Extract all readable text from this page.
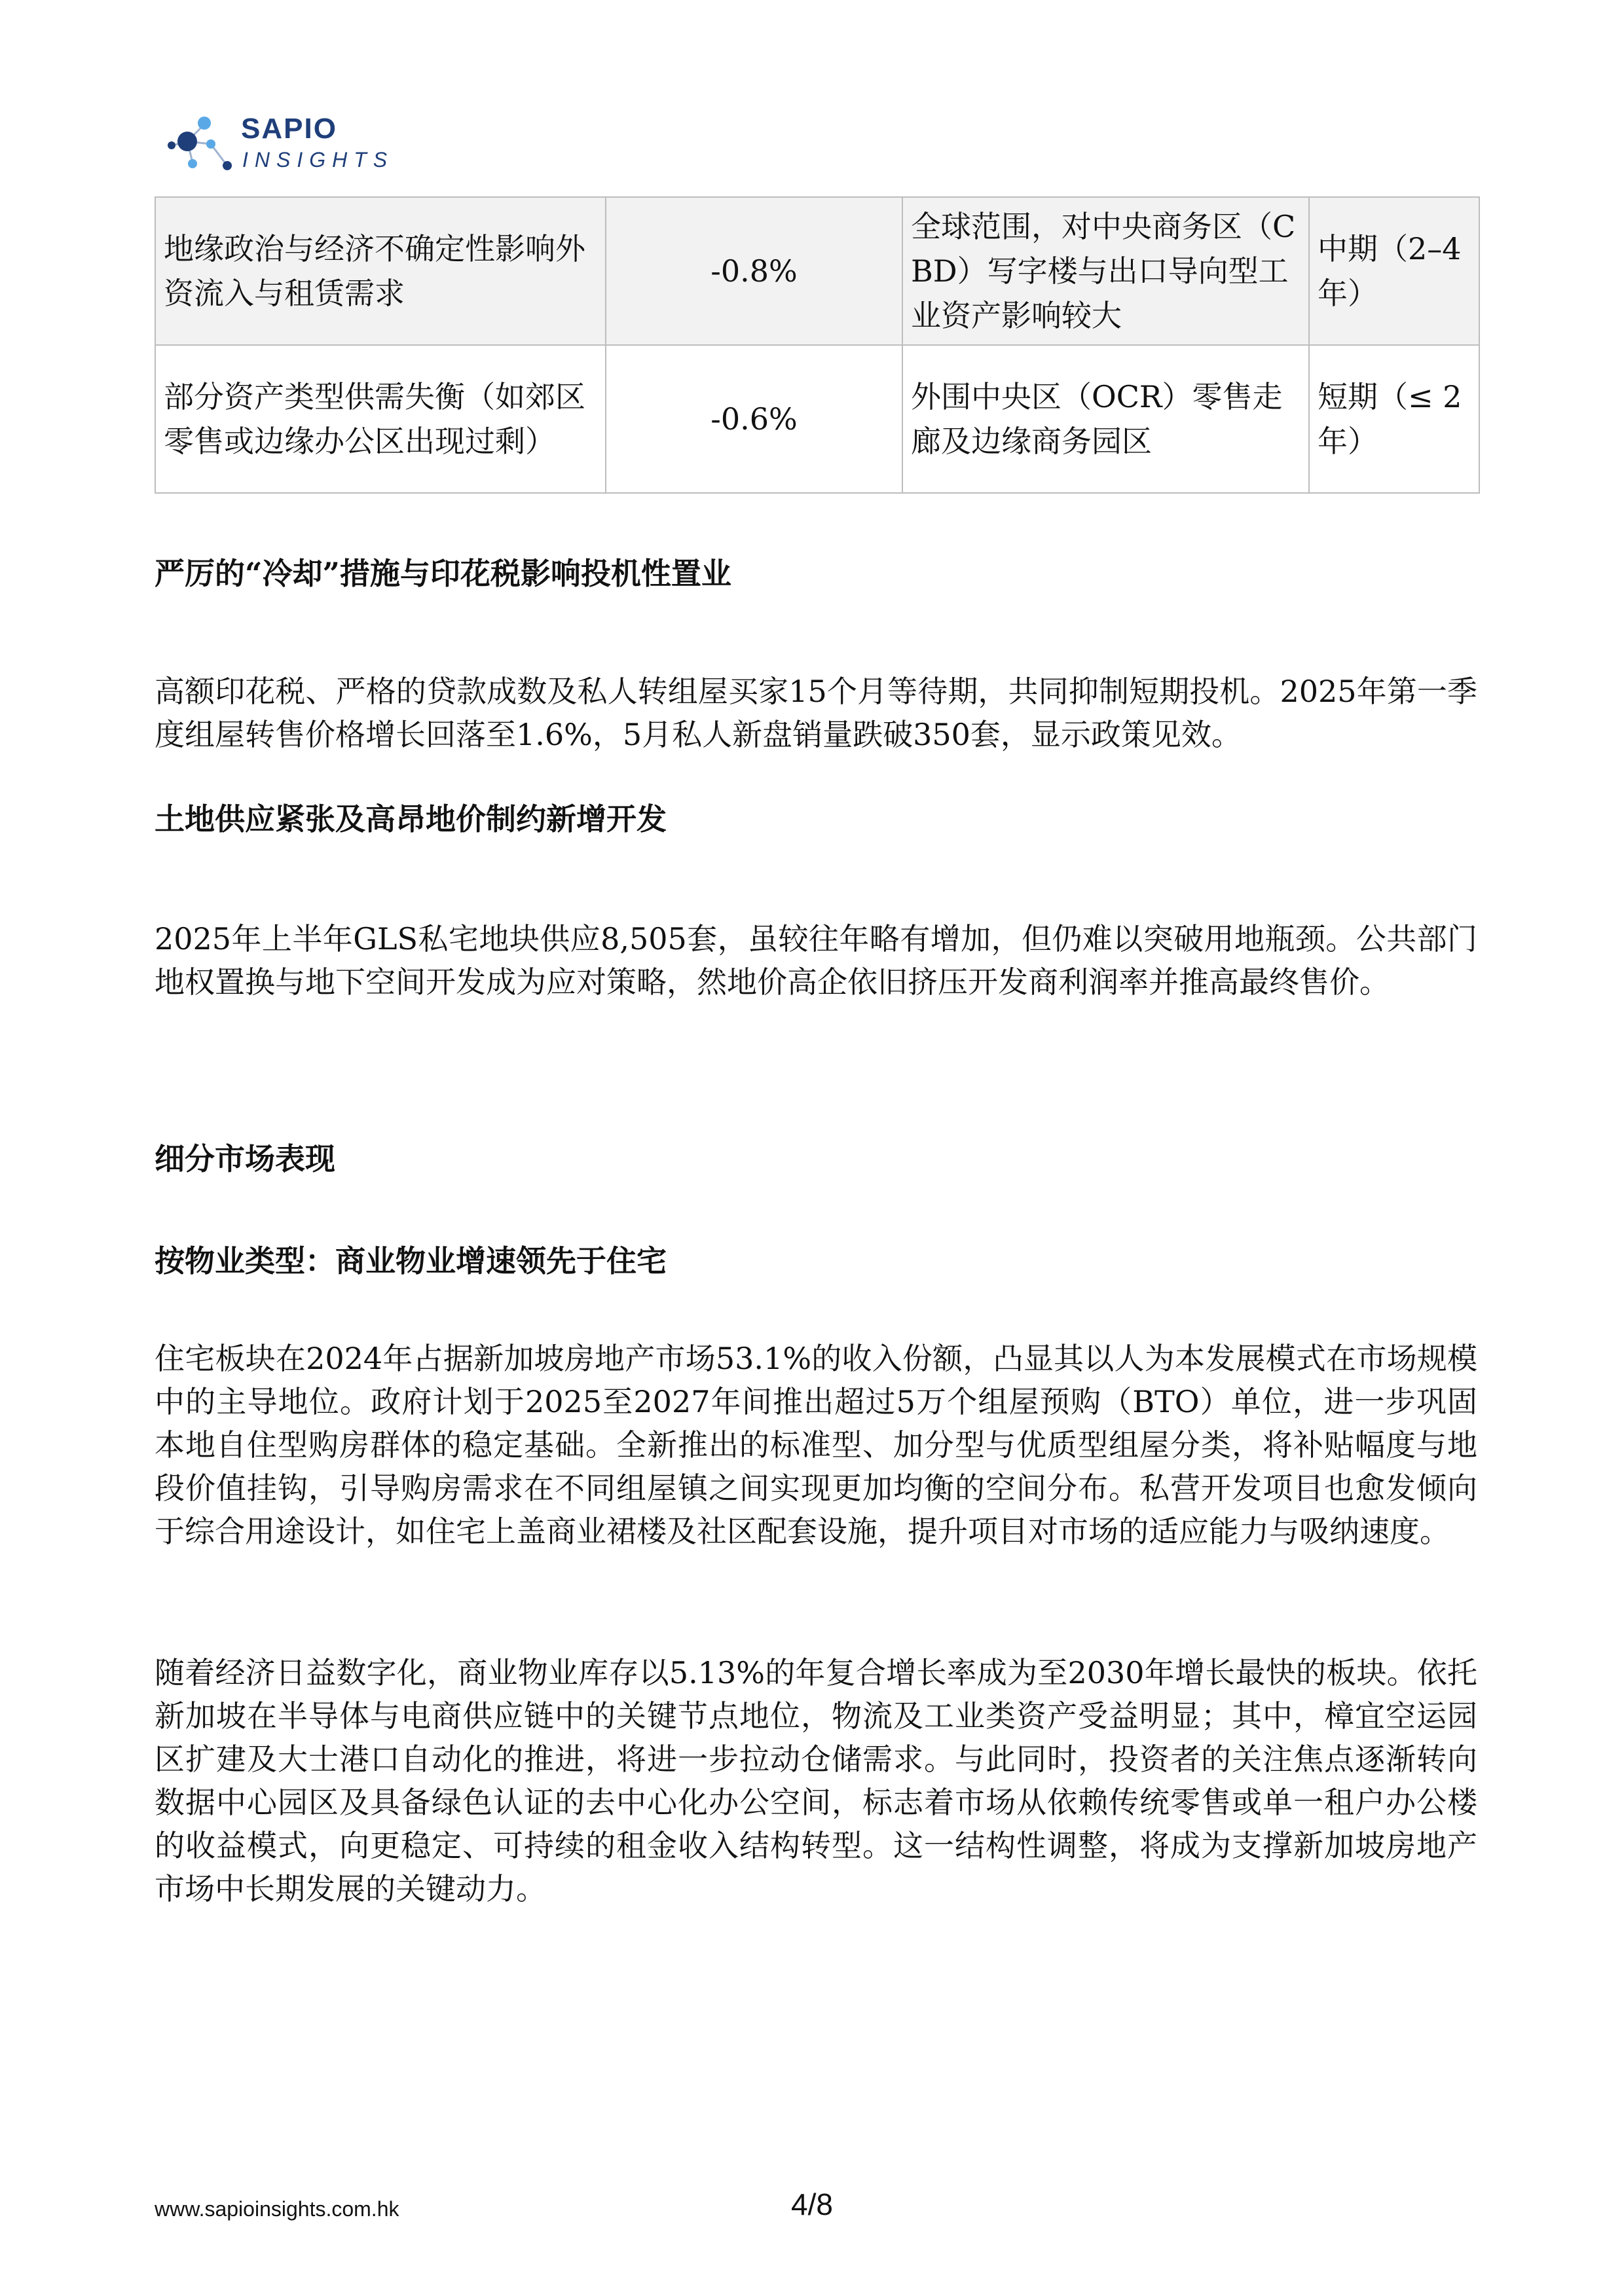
SAPIO
INSIGHTS
地缘政治与经济不确定性影响外资流入与租赁需求	-0.8%	全球范围，对中央商务区（CBD）写字楼与出口导向型工业资产影响较大	中期（2–4年）
部分资产类型供需失衡（如郊区零售或边缘办公区出现过剩）	-0.6%	外围中央区（OCR）零售走廊及边缘商务园区	短期（≤ 2年）
严厉的“冷却”措施与印花税影响投机性置业
高额印花税、严格的贷款成数及私人转组屋买家15个月等待期，共同抑制短期投机。2025年第一季度组屋转售价格增长回落至1.6%，5月私人新盘销量跌破350套，显示政策见效。
土地供应紧张及高昂地价制约新增开发
2025年上半年GLS私宅地块供应8,505套，虽较往年略有增加，但仍难以突破用地瓶颈。公共部门地权置换与地下空间开发成为应对策略，然地价高企依旧挤压开发商利润率并推高最终售价。
细分市场表现
按物业类型：商业物业增速领先于住宅
住宅板块在2024年占据新加坡房地产市场53.1%的收入份额，凸显其以人为本发展模式在市场规模中的主导地位。政府计划于2025至2027年间推出超过5万个组屋预购（BTO）单位，进一步巩固本地自住型购房群体的稳定基础。全新推出的标准型、加分型与优质型组屋分类，将补贴幅度与地段价值挂钩，引导购房需求在不同组屋镇之间实现更加均衡的空间分布。私营开发项目也愈发倾向于综合用途设计，如住宅上盖商业裙楼及社区配套设施，提升项目对市场的适应能力与吸纳速度。
随着经济日益数字化，商业物业库存以5.13%的年复合增长率成为至2030年增长最快的板块。依托新加坡在半导体与电商供应链中的关键节点地位，物流及工业类资产受益明显；其中，樟宜空运园区扩建及大士港口自动化的推进，将进一步拉动仓储需求。与此同时，投资者的关注焦点逐渐转向数据中心园区及具备绿色认证的去中心化办公空间，标志着市场从依赖传统零售或单一租户办公楼的收益模式，向更稳定、可持续的租金收入结构转型。这一结构性调整，将成为支撑新加坡房地产市场中长期发展的关键动力。
www.sapioinsights.com.hk	4/8
